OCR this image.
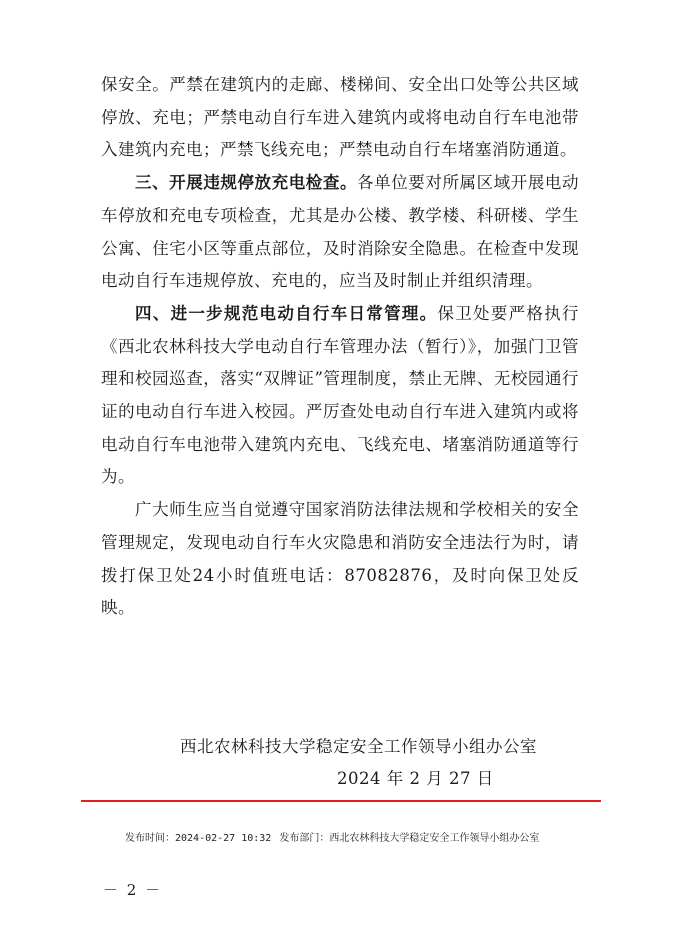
保安全。严禁在建筑内的走廊、楼梯间、安全出口处等公共区域停放、充电；严禁电动自行车进入建筑内或将电动自行车电池带入建筑内充电；严禁飞线充电；严禁电动自行车堵塞消防通道。

三、开展违规停放充电检查。各单位要对所属区域开展电动车停放和充电专项检查，尤其是办公楼、教学楼、科研楼、学生公寓、住宅小区等重点部位，及时消除安全隐患。在检查中发现电动自行车违规停放、充电的，应当及时制止并组织清理。

四、进一步规范电动自行车日常管理。保卫处要严格执行《西北农林科技大学电动自行车管理办法（暂行）》，加强门卫管理和校园巡查，落实“双牌证”管理制度，禁止无牌、无校园通行证的电动自行车进入校园。严厉查处电动自行车进入建筑内或将电动自行车电池带入建筑内充电、飞线充电、堵塞消防通道等行为。

广大师生应当自觉遵守国家消防法律法规和学校相关的安全管理规定，发现电动自行车火灾隐患和消防安全违法行为时，请拨打保卫处24小时值班电话：87082876，及时向保卫处反映。

西北农林科技大学稳定安全工作领导小组办公室
2024 年 2 月 27 日
发布时间：2024-02-27 10:32 发布部门：西北农林科技大学稳定安全工作领导小组办公室
－ 2 －
